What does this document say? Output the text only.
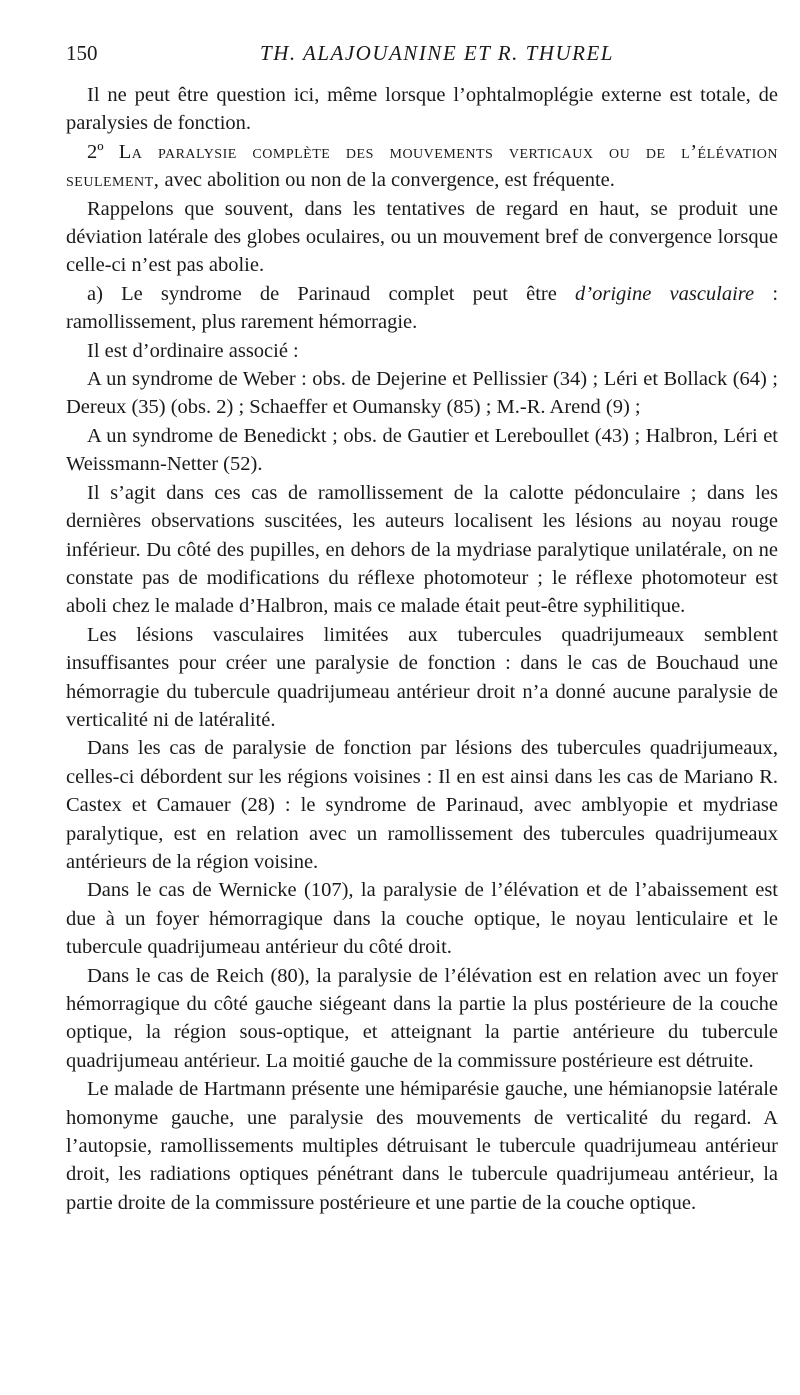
150	TH. ALAJOUANINE ET R. THUREL

Il ne peut être question ici, même lorsque l’ophtalmoplégie externe est totale, de paralysies de fonction.

2º La paralysie complète des mouvements verticaux ou de l’élévation seulement, avec abolition ou non de la convergence, est fréquente.

Rappelons que souvent, dans les tentatives de regard en haut, se produit une déviation latérale des globes oculaires, ou un mouvement bref de convergence lorsque celle-ci n’est pas abolie.

a) Le syndrome de Parinaud complet peut être d’origine vasculaire : ramollissement, plus rarement hémorragie.

Il est d’ordinaire associé :

A un syndrome de Weber : obs. de Dejerine et Pellissier (34) ; Léri et Bollack (64) ; Dereux (35) (obs. 2) ; Schaeffer et Oumansky (85) ; M.-R. Arend (9) ;

A un syndrome de Benedickt ; obs. de Gautier et Lereboullet (43) ; Halbron, Léri et Weissmann-Netter (52).

Il s’agit dans ces cas de ramollissement de la calotte pédonculaire ; dans les dernières observations suscitées, les auteurs localisent les lésions au noyau rouge inférieur. Du côté des pupilles, en dehors de la mydriase paralytique unilatérale, on ne constate pas de modifications du réflexe photomoteur ; le réflexe photomoteur est aboli chez le malade d’Halbron, mais ce malade était peut-être syphilitique.

Les lésions vasculaires limitées aux tubercules quadrijumeaux semblent insuffisantes pour créer une paralysie de fonction : dans le cas de Bouchaud une hémorragie du tubercule quadrijumeau antérieur droit n’a donné aucune paralysie de verticalité ni de latéralité.

Dans les cas de paralysie de fonction par lésions des tubercules quadrijumeaux, celles-ci débordent sur les régions voisines : Il en est ainsi dans les cas de Mariano R. Castex et Camauer (28) : le syndrome de Parinaud, avec amblyopie et mydriase paralytique, est en relation avec un ramollissement des tubercules quadrijumeaux antérieurs de la région voisine.

Dans le cas de Wernicke (107), la paralysie de l’élévation et de l’abaissement est due à un foyer hémorragique dans la couche optique, le noyau lenticulaire et le tubercule quadrijumeau antérieur du côté droit.

Dans le cas de Reich (80), la paralysie de l’élévation est en relation avec un foyer hémorragique du côté gauche siégeant dans la partie la plus postérieure de la couche optique, la région sous-optique, et atteignant la partie antérieure du tubercule quadrijumeau antérieur. La moitié gauche de la commissure postérieure est détruite.

Le malade de Hartmann présente une hémiparésie gauche, une hémianopsie latérale homonyme gauche, une paralysie des mouvements de verticalité du regard. A l’autopsie, ramollissements multiples détruisant le tubercule quadrijumeau antérieur droit, les radiations optiques pénétrant dans le tubercule quadrijumeau antérieur, la partie droite de la commissure postérieure et une partie de la couche optique.
